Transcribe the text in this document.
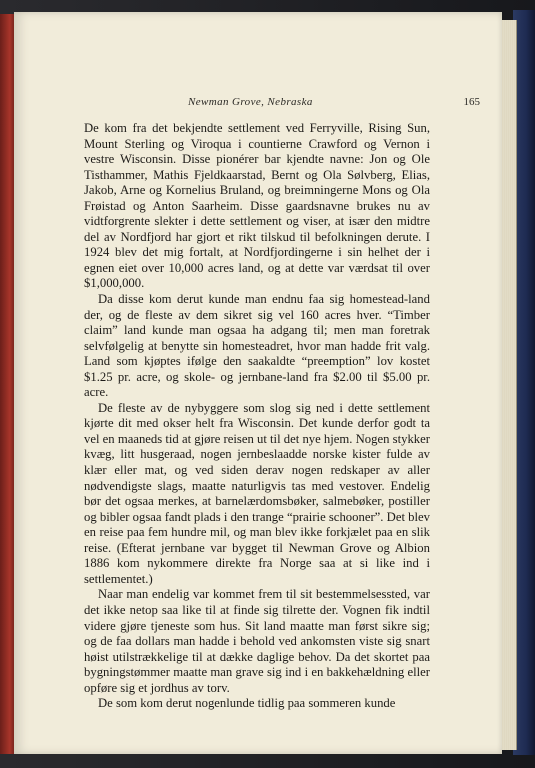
Newman Grove, Nebraska	165

De kom fra det bekjendte settlement ved Ferryville, Rising Sun, Mount Sterling og Viroqua i countierne Crawford og Vernon i vestre Wisconsin. Disse pionérer bar kjendte navne: Jon og Ole Tisthammer, Mathis Fjeldkaarstad, Bernt og Ola Sølvberg, Elias, Jakob, Arne og Kornelius Bruland, og breimningerne Mons og Ola Frøistad og Anton Saarheim. Disse gaardsnavne brukes nu av vidtforgrente slekter i dette settlement og viser, at især den midtre del av Nordfjord har gjort et rikt tilskud til befolkningen derute. I 1924 blev det mig fortalt, at Nordfjordingerne i sin helhet der i egnen eiet over 10,000 acres land, og at dette var værdsat til over $1,000,000.

Da disse kom derut kunde man endnu faa sig homestead-land der, og de fleste av dem sikret sig vel 160 acres hver. “Timber claim” land kunde man ogsaa ha adgang til; men man foretrak selvfølgelig at benytte sin homesteadret, hvor man hadde frit valg. Land som kjøptes ifølge den saakaldte “preemption” lov kostet $1.25 pr. acre, og skole- og jernbane-land fra $2.00 til $5.00 pr. acre.

De fleste av de nybyggere som slog sig ned i dette settlement kjørte dit med okser helt fra Wisconsin. Det kunde derfor godt ta vel en maaneds tid at gjøre reisen ut til det nye hjem. Nogen stykker kvæg, litt husgeraad, nogen jernbeslaadde norske kister fulde av klær eller mat, og ved siden derav nogen redskaper av aller nødvendigste slags, maatte naturligvis tas med vestover. Endelig bør det ogsaa merkes, at barnelærdomsbøker, salmebøker, postiller og bibler ogsaa fandt plads i den trange “prairie schooner”. Det blev en reise paa fem hundre mil, og man blev ikke forkjælet paa en slik reise. (Efterat jernbane var bygget til Newman Grove og Albion 1886 kom nykommere direkte fra Norge saa at si like ind i settlementet.)

Naar man endelig var kommet frem til sit bestemmelsessted, var det ikke netop saa like til at finde sig tilrette der. Vognen fik indtil videre gjøre tjeneste som hus. Sit land maatte man først sikre sig; og de faa dollars man hadde i behold ved ankomsten viste sig snart høist utilstrækkelige til at dække daglige behov. Da det skortet paa bygningstømmer maatte man grave sig ind i en bakkehældning eller opføre sig et jordhus av torv.

De som kom derut nogenlunde tidlig paa sommeren kunde
